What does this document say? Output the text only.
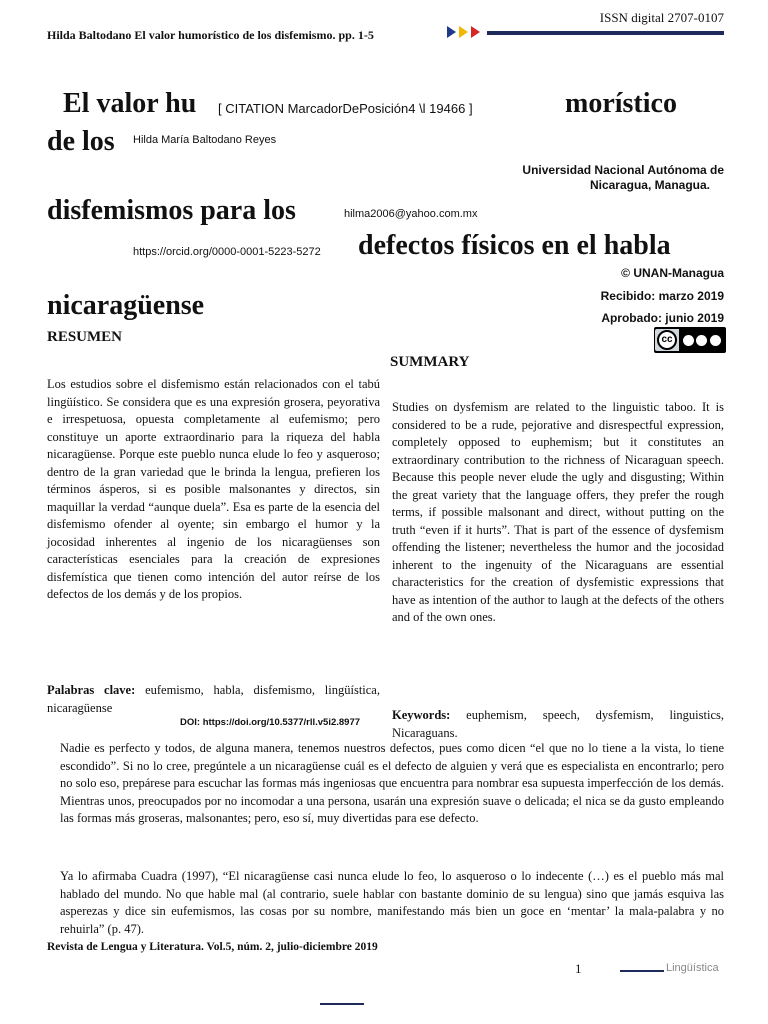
ISSN digital 2707-0107
Hilda Baltodano El valor humorístico de los disfemismo. pp. 1-5
El valor hu [ CITATION MarcadorDePosición4 \l 19466 ]	morístico
de los Hilda María Baltodano Reyes
Universidad Nacional Autónoma de
Nicaragua, Managua.
disfemismos para los	hilma2006@yahoo.com.mx
https://orcid.org/0000-0001-5223-5272 defectos físicos en el habla
© UNAN-Managua
Recibido: marzo 2019
Aprobado: junio 2019
nicaragüense
cc
RESUMEN
Los estudios sobre el disfemismo están relacionados con el tabú lingüístico. Se considera que es una expresión grosera, peyorativa e irrespetuosa, opuesta completamente al eufemismo; pero constituye un aporte extraordinario para la riqueza del habla nicaragüense. Porque este pueblo nunca elude lo feo y asqueroso; dentro de la gran variedad que le brinda la lengua, prefieren los términos ásperos, si es posible malsonantes y directos, sin maquillar la verdad “aunque duela”. Esa es parte de la esencia del disfemismo ofender al oyente; sin embargo el humor y la jocosidad inherentes al ingenio de los nicaragüenses son características esenciales para la creación de expresiones disfemística que tienen como intención del autor reírse de los defectos de los demás y de los propios.
Palabras clave: eufemismo, habla, disfemismo, lingüística, nicaragüense
DOI: https://doi.org/10.5377/rll.v5i2.8977
SUMMARY
Studies on dysfemism are related to the linguistic taboo. It is considered to be a rude, pejorative and disrespectful expression, completely opposed to euphemism; but it constitutes an extraordinary contribution to the richness of Nicaraguan speech. Because this people never elude the ugly and disgusting; Within the great variety that the language offers, they prefer the rough terms, if possible malsonant and direct, without putting on the truth “even if it hurts”. That is part of the essence of dysfemism offending the listener; nevertheless the humor and the jocosidad inherent to the ingenuity of the Nicaraguans are essential characteristics for the creation of dysfemistic expressions that have as intention of the author to laugh at the defects of the others and of the own ones.
Keywords: euphemism, speech, dysfemism, linguistics, Nicaraguans.
Nadie es perfecto y todos, de alguna manera, tenemos nuestros defectos, pues como dicen “el que no lo tiene a la vista, lo tiene escondido”. Si no lo cree, pregúntele a un nicaragüense cuál es el defecto de alguien y verá que es especialista en encontrarlo; pero no solo eso, prepárese para escuchar las formas más ingeniosas que encuentra para nombrar esa supuesta imperfección de los demás. Mientras unos, preocupados por no incomodar a una persona, usarán una expresión suave o delicada; el nica se da gusto empleando las formas más groseras, malsonantes; pero, eso sí, muy divertidas para ese defecto.
Ya lo afirmaba Cuadra (1997), “El nicaragüense casi nunca elude lo feo, lo asqueroso o lo indecente (…) es el pueblo más mal hablado del mundo. No que hable mal (al contrario, suele hablar con bastante dominio de su lengua) sino que jamás esquiva las asperezas y dice sin eufemismos, las cosas por su nombre, manifestando más bien un goce en ‘mentar’ la mala-palabra y no rehuirla” (p. 47).
Revista de Lengua y Literatura. Vol.5, núm. 2, julio-diciembre 2019
1	Lingüística
